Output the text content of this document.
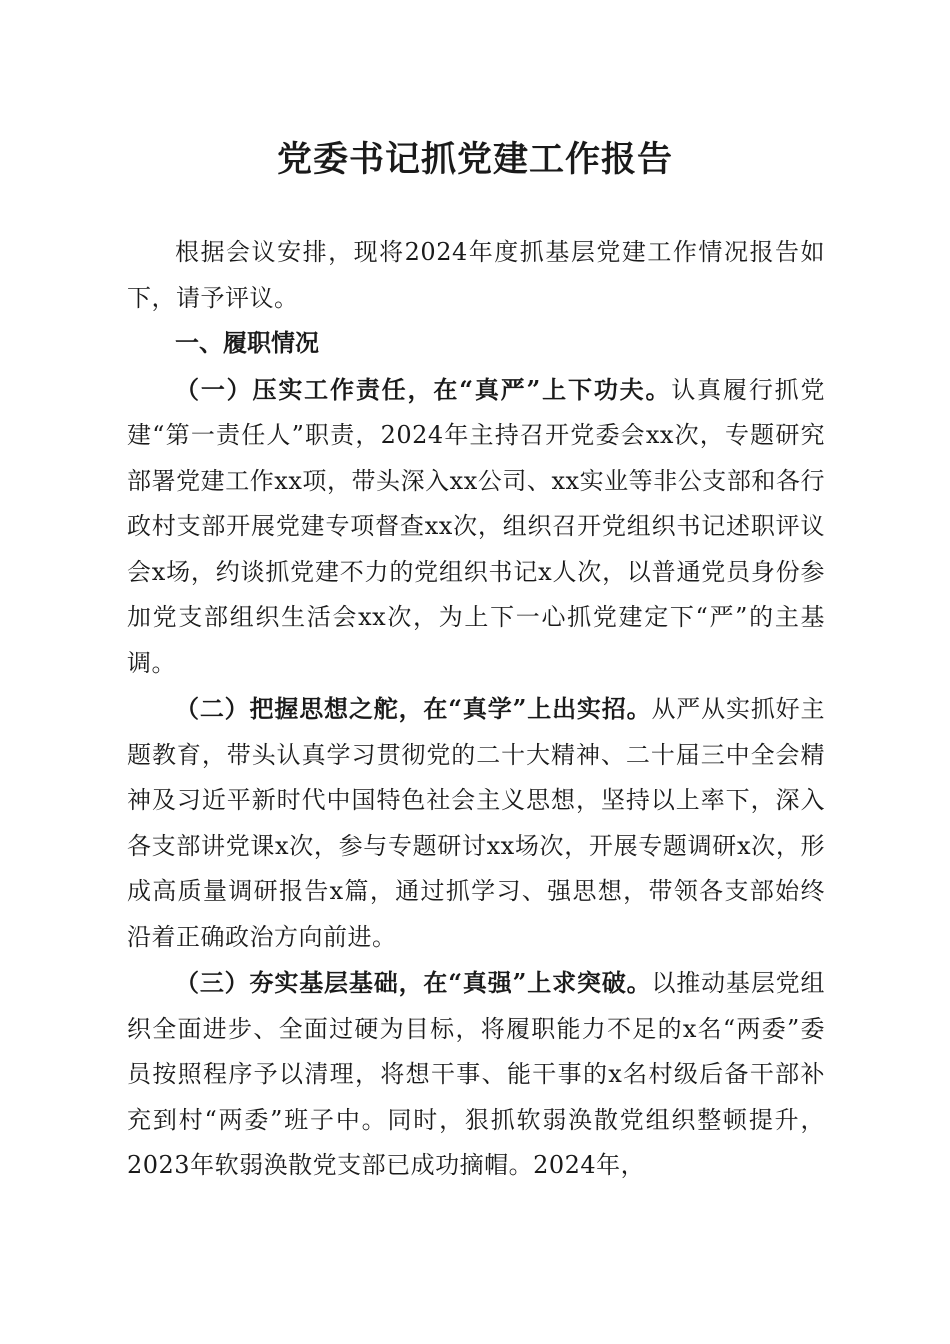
党委书记抓党建工作报告

根据会议安排，现将2024年度抓基层党建工作情况报告如下，请予评议。

一、履职情况

（一）压实工作责任，在“真严”上下功夫。认真履行抓党建“第一责任人”职责，2024年主持召开党委会xx次，专题研究部署党建工作xx项，带头深入xx公司、xx实业等非公支部和各行政村支部开展党建专项督查xx次，组织召开党组织书记述职评议会x场，约谈抓党建不力的党组织书记x人次，以普通党员身份参加党支部组织生活会xx次，为上下一心抓党建定下“严”的主基调。

（二）把握思想之舵，在“真学”上出实招。从严从实抓好主题教育，带头认真学习贯彻党的二十大精神、二十届三中全会精神及习近平新时代中国特色社会主义思想，坚持以上率下，深入各支部讲党课x次，参与专题研讨xx场次，开展专题调研x次，形成高质量调研报告x篇，通过抓学习、强思想，带领各支部始终沿着正确政治方向前进。

（三）夯实基层基础，在“真强”上求突破。以推动基层党组织全面进步、全面过硬为目标，将履职能力不足的x名“两委”委员按照程序予以清理，将想干事、能干事的x名村级后备干部补充到村“两委”班子中。同时，狠抓软弱涣散党组织整顿提升，2023年软弱涣散党支部已成功摘帽。2024年，
